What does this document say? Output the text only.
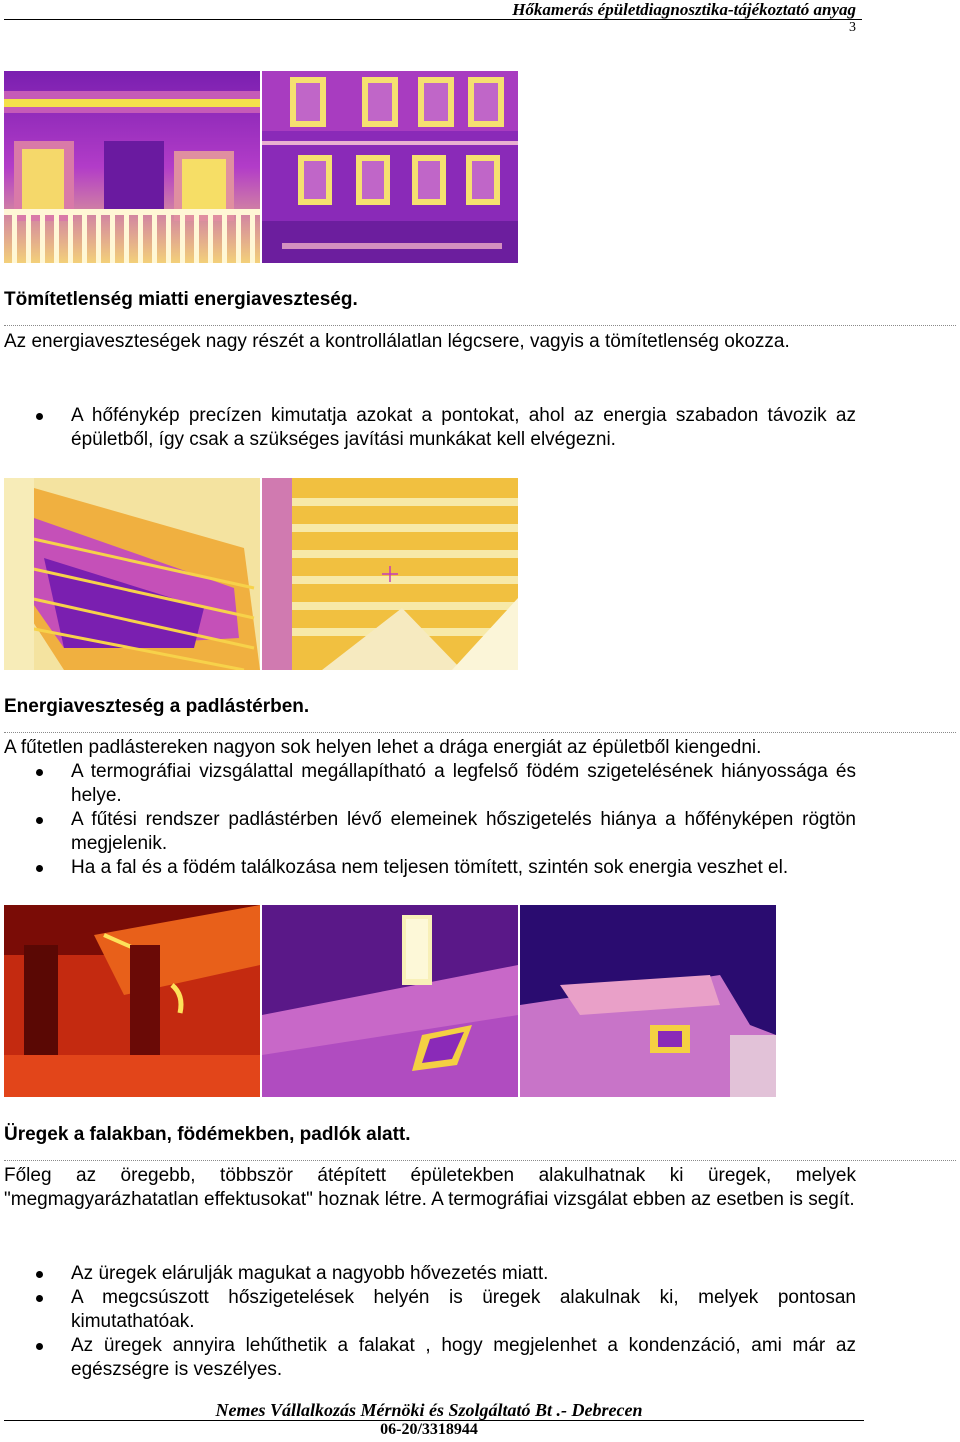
Hőkamerás épületdiagnosztika-tájékoztató anyag
3
Tömítetlenség miatti energiaveszteség.
Az energiaveszteségek nagy részét a kontrollálatlan légcsere, vagyis a tömítetlenség okozza.
A hőfénykép precízen kimutatja azokat a pontokat, ahol az energia szabadon távozik az épületből, így csak a szükséges javítási munkákat kell elvégezni.
Energiaveszteség a padlástérben.
A fűtetlen padlástereken nagyon sok helyen lehet a drága energiát az épületből kiengedni.
A termográfiai vizsgálattal megállapítható a legfelső födém szigetelésének hiányossága és helye.
A fűtési rendszer padlástérben lévő elemeinek hőszigetelés hiánya a hőfényképen rögtön megjelenik.
Ha a fal és a födém találkozása nem teljesen tömített, szintén sok energia veszhet el.
Üregek a falakban, födémekben, padlók alatt.
Főleg az öregebb, többször átépített épületekben alakulhatnak ki üregek, melyek "megmagyarázhatatlan effektusokat" hoznak létre. A termográfiai vizsgálat ebben az esetben is segít.
Az üregek elárulják magukat a nagyobb hővezetés miatt.
A megcsúszott hőszigetelések helyén is üregek alakulnak ki, melyek pontosan kimutathatóak.
Az üregek annyira lehűthetik a falakat , hogy megjelenhet a kondenzáció, ami már az egészségre is veszélyes.
Nemes Vállalkozás Mérnöki és Szolgáltató Bt .- Debrecen
06-20/3318944
